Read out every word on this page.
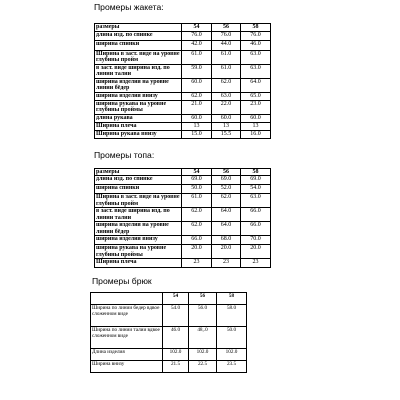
Промеры жакета:
размеры	54	56	58
длина изд. по спинке	76.0	76.0	76.0
ширина спинки	42.0	44.0	46.0
Ширина в заст. виде на уровне глубины пройм	61.0	61.0	63.0
в заст. виде ширина изд. по линии талии	59.0	61.0	63.0
ширина изделия на уровне линии бёдер	60.0	62.0	64.0
ширина изделия внизу	62.0	63.0	65.0
ширина рукава на уровне глубины проймы	21.0	22.0	23.0
длина рукава	60.0	60.0	60.0
Ширина плеча	13	13	13
Ширина рукава внизу	15.0	15.5	16.0
Промеры топа:
размеры	54	56	58
длина изд. по спинке	69.0	69.0	69.0
ширина спинки	50.0	52.0	54.0
Ширина в заст. виде на уровне глубины пройм	61.0	62.0	63.0
в заст. виде ширина изд. по линии талии	62.0	64.0	66.0
ширина изделия на уровне линии бёдер	62.0	64.0	66.0
ширина изделия внизу	66.0	68.0	70.0
ширина рукава на уровне глубины проймы	20.0	20.0	20.0
Ширина плеча	23	23	23
Промеры брюк
	54	56	58
Ширина по линии бедер вдвое сложенном виде	54.0	56.0	58.0
Ширина по линии талии вдвое сложенном виде	46.0	48,.0	50.0
Длина изделия	102.0	102.0	102.0
Ширина внизу	21.5	22.5	23.5
